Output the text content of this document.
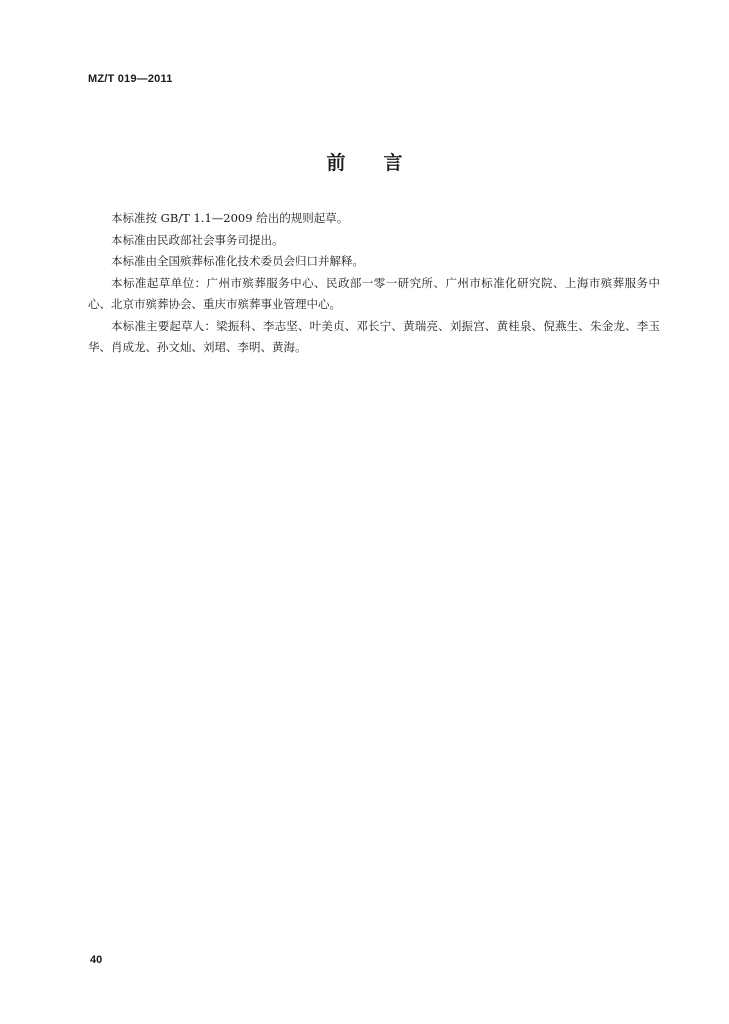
MZ/T 019—2011
前言

本标准按 GB/T 1.1—2009 给出的规则起草。

本标准由民政部社会事务司提出。

本标准由全国殡葬标准化技术委员会归口并解释。

本标准起草单位：广州市殡葬服务中心、民政部一零一研究所、广州市标准化研究院、上海市殡葬服务中心、北京市殡葬协会、重庆市殡葬事业管理中心。

本标准主要起草人：梁振科、李志坚、叶美贞、邓长宁、黄瑞亮、刘振宫、黄桂泉、倪燕生、朱金龙、李玉华、肖成龙、孙文灿、刘珺、李明、黄海。

40
